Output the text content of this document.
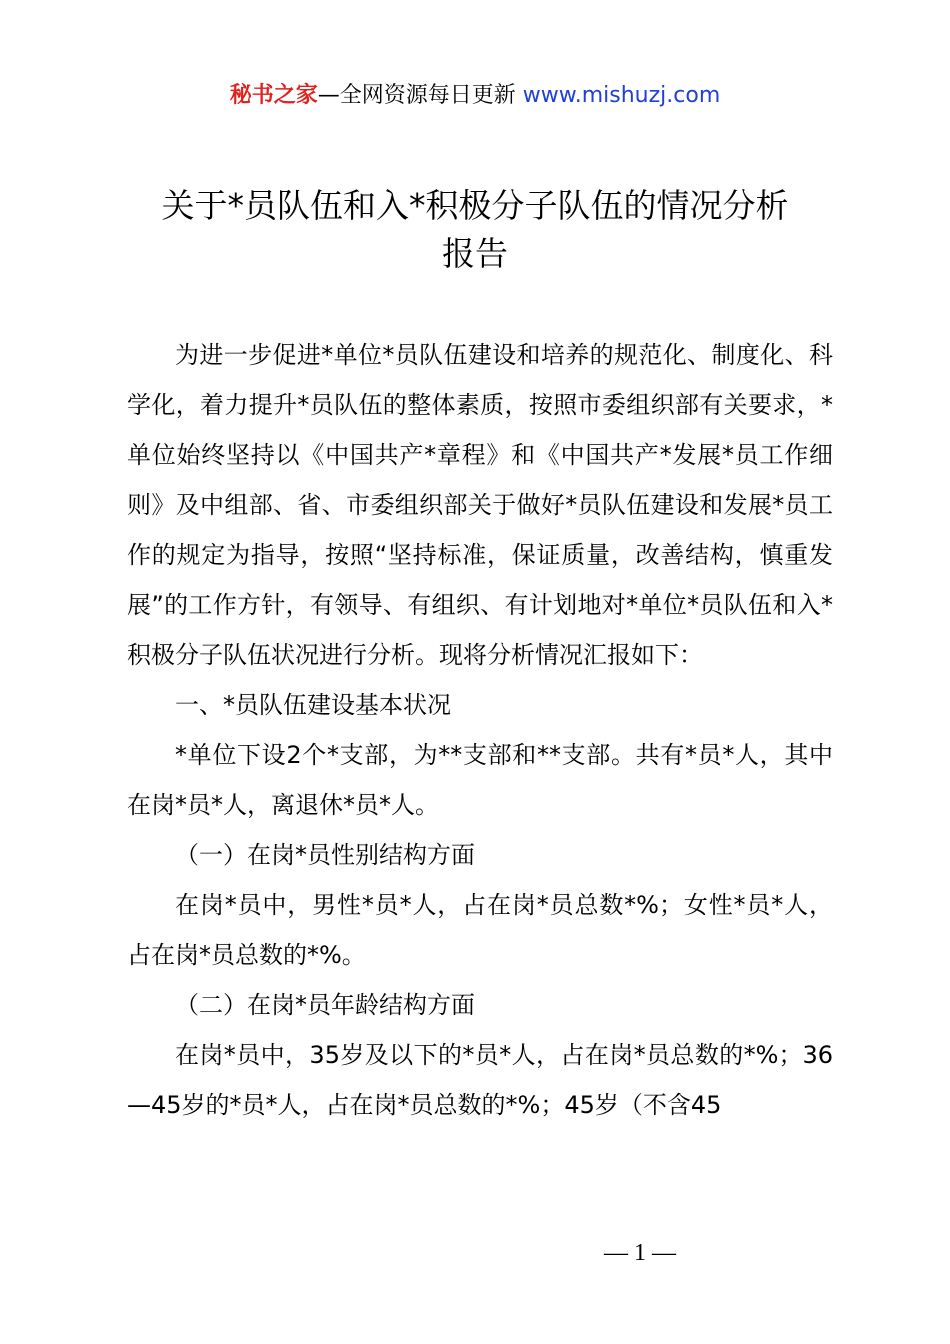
秘书之家—全网资源每日更新 www.mishuzj.com
关于*员队伍和入*积极分子队伍的情况分析
报告

为进一步促进*单位*员队伍建设和培养的规范化、制度化、科学化，着力提升*员队伍的整体素质，按照市委组织部有关要求，*单位始终坚持以《中国共产*章程》和《中国共产*发展*员工作细则》及中组部、省、市委组织部关于做好*员队伍建设和发展*员工作的规定为指导，按照“坚持标准，保证质量，改善结构，慎重发展”的工作方针，有领导、有组织、有计划地对*单位*员队伍和入*积极分子队伍状况进行分析。现将分析情况汇报如下：

一、*员队伍建设基本状况

*单位下设2个*支部，为**支部和**支部。共有*员*人，其中在岗*员*人，离退休*员*人。

（一）在岗*员性别结构方面

在岗*员中，男性*员*人，占在岗*员总数*%；女性*员*人，占在岗*员总数的*%。

（二）在岗*员年龄结构方面

在岗*员中，35岁及以下的*员*人，占在岗*员总数的*%；36—45岁的*员*人，占在岗*员总数的*%；45岁（不含45

— 1 —
